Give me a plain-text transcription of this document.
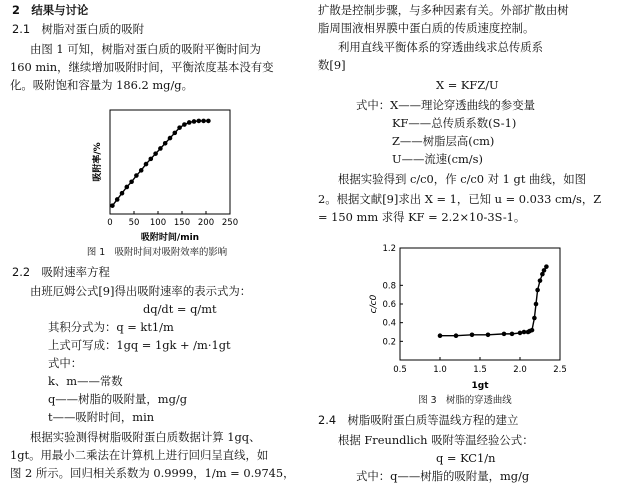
2　结果与讨论
2.1　树脂对蛋白质的吸附
由图 1 可知，树脂对蛋白质的吸附平衡时间为
160 min，继续增加吸附时间，平衡浓度基本没有变
化。吸附饱和容量为 186.2 mg/g。
0 50 100 150 200 250
吸附时间/min
吸附率/%
图 1　吸附时间对吸附效率的影响
2.2　吸附速率方程
由班厄姆公式[9]得出吸附速率的表示式为：
dq/dt = q/mt
其积分式为：q = kt1/m
上式可写成：1gq = 1gk + /m·1gt
式中：
k、m——常数
q——树脂的吸附量，mg/g
t——吸附时间，min
根据实验测得树脂吸附蛋白质数据计算 1gq、
1gt。用最小二乘法在计算机上进行回归呈直线，如
图 2 所示。回归相关系数为 0.9999，1/m = 0.9745，
扩散是控制步骤，与多种因素有关。外部扩散由树
脂周围液相界膜中蛋白质的传质速度控制。
利用直线平衡体系的穿透曲线求总传质系
数[9]
X = KFZ/U
式中：X——理论穿透曲线的参变量
KF——总传质系数(S-1)
Z——树脂层高(cm)
U——流速(cm/s)
根据实验得到 c/c0，作 c/c0 对 1 gt 曲线，如图
2。根据文献[9]求出 X = 1，已知 u = 0.033 cm/s，Z
= 150 mm 求得 KF = 2.2×10-3S-1。
0.5	1.0	1.5	2.0	2.5
0.2
0.4
0.6
0.8
1.2
1gt
c/c0
图 3　树脂的穿透曲线
2.4　树脂吸附蛋白质等温线方程的建立
根据 Freundlich 吸附等温经验公式：
q = KC1/n
式中：q——树脂的吸附量，mg/g
